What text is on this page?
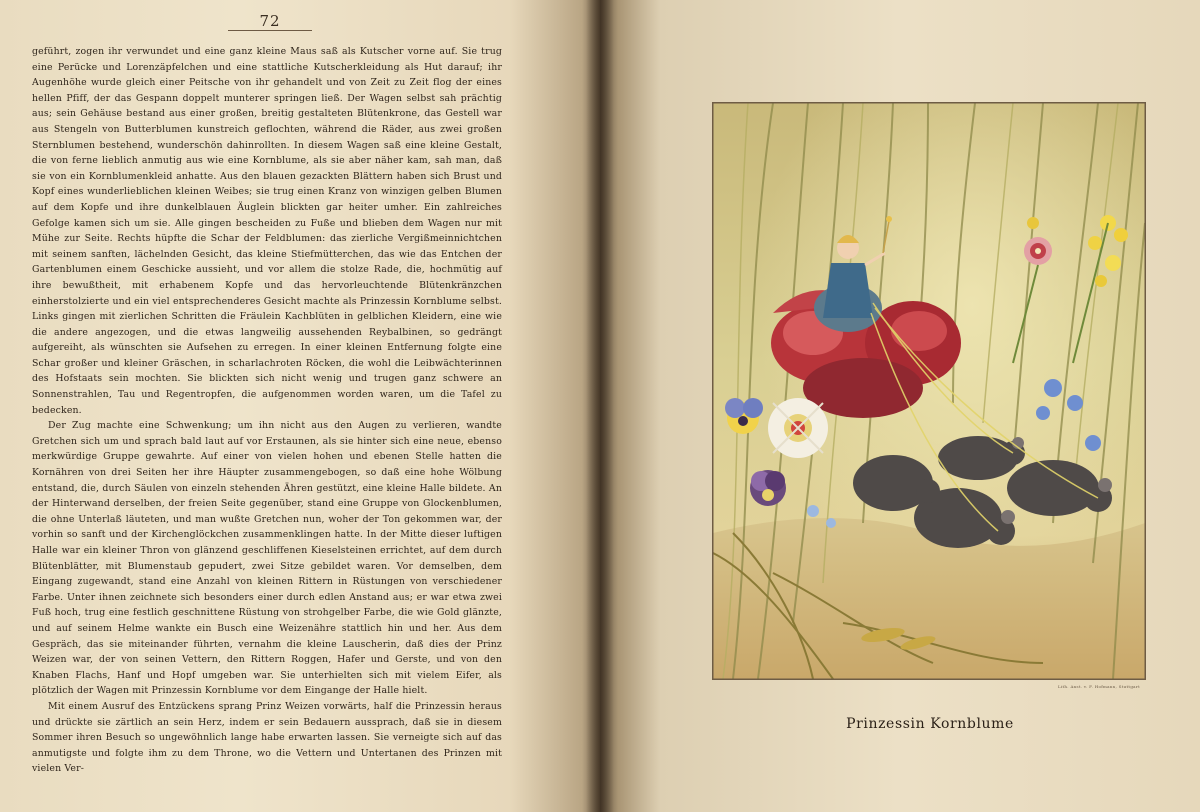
72

geführt, zogen ihr verwundet und eine ganz kleine Maus saß als Kutscher vorne auf. Sie trug eine Perücke und Lorenzäpfelchen und eine stattliche Kutscherkleidung als Hut darauf; ihr Augenhöhe wurde gleich einer Peitsche von ihr gehandelt und von Zeit zu Zeit flog der eines hellen Pfiff, der das Gespann doppelt munterer springen ließ. Der Wagen selbst sah prächtig aus; sein Gehäuse bestand aus einer großen, breitig gestalteten Blütenkrone, das Gestell war aus Stengeln von Butterblumen kunstreich geflochten, während die Räder, aus zwei großen Sternblumen bestehend, wunderschön dahinrollten. In diesem Wagen saß eine kleine Gestalt, die von ferne lieblich anmutig aus wie eine Kornblume, als sie aber näher kam, sah man, daß sie von ein Kornblumenkleid anhatte. Aus den blauen gezackten Blättern haben sich Brust und Kopf eines wunderlieblichen kleinen Weibes; sie trug einen Kranz von winzigen gelben Blumen auf dem Kopfe und ihre dunkelblauen Äuglein blickten gar heiter umher. Ein zahlreiches Gefolge kamen sich um sie. Alle gingen bescheiden zu Fuße und blieben dem Wagen nur mit Mühe zur Seite. Rechts hüpfte die Schar der Feldblumen: das zierliche Vergißmeinnichtchen mit seinem sanften, lächelnden Gesicht, das kleine Stiefmütterchen, das wie das Entchen der Gartenblumen einem Geschicke aussieht, und vor allem die stolze Rade, die, hochmütig auf ihre bewußtheit, mit erhabenem Kopfe und das hervorleuchtende Blütenkränzchen einherstolzierte und ein viel entsprechenderes Gesicht machte als Prinzessin Kornblume selbst. Links gingen mit zierlichen Schritten die Fräulein Kachblüten in gelblichen Kleidern, eine wie die andere angezogen, und die etwas langweilig aussehenden Reybalbinen, so gedrängt aufgereiht, als wünschten sie Aufsehen zu erregen. In einer kleinen Entfernung folgte eine Schar großer und kleiner Gräschen, in scharlachroten Röcken, die wohl die Leibwächterinnen des Hofstaats sein mochten. Sie blickten sich nicht wenig und trugen ganz schwere an Sonnenstrahlen, Tau und Regentropfen, die aufgenommen worden waren, um die Tafel zu bedecken.

Der Zug machte eine Schwenkung; um ihn nicht aus den Augen zu verlieren, wandte Gretchen sich um und sprach bald laut auf vor Erstaunen, als sie hinter sich eine neue, ebenso merkwürdige Gruppe gewahrte. Auf einer von vielen hohen und ebenen Stelle hatten die Kornähren von drei Seiten her ihre Häupter zusammengebogen, so daß eine hohe Wölbung entstand, die, durch Säulen von einzeln stehenden Ähren gestützt, eine kleine Halle bildete. An der Hinterwand derselben, der freien Seite gegenüber, stand eine Gruppe von Glockenblumen, die ohne Unterlaß läuteten, und man wußte Gretchen nun, woher der Ton gekommen war, der vorhin so sanft und der Kirchenglöckchen zusammenklingen hatte. In der Mitte dieser luftigen Halle war ein kleiner Thron von glänzend geschliffenen Kieselsteinen errichtet, auf dem durch Blütenblätter, mit Blumenstaub gepudert, zwei Sitze gebildet waren. Vor demselben, dem Eingang zugewandt, stand eine Anzahl von kleinen Rittern in Rüstungen von verschiedener Farbe. Unter ihnen zeichnete sich besonders einer durch edlen Anstand aus; er war etwa zwei Fuß hoch, trug eine festlich geschnittene Rüstung von strohgelber Farbe, die wie Gold glänzte, und auf seinem Helme wankte ein Busch eine Weizenähre stattlich hin und her. Aus dem Gespräch, das sie miteinander führten, vernahm die kleine Lauscherin, daß dies der Prinz Weizen war, der von seinen Vettern, den Rittern Roggen, Hafer und Gerste, und von den Knaben Flachs, Hanf und Hopf umgeben war. Sie unterhielten sich mit vielem Eifer, als plötzlich der Wagen mit Prinzessin Kornblume vor dem Eingange der Halle hielt.

Mit einem Ausruf des Entzückens sprang Prinz Weizen vorwärts, half die Prinzessin heraus und drückte sie zärtlich an sein Herz, indem er sein Bedauern aussprach, daß sie in diesem Sommer ihren Besuch so ungewöhnlich lange habe erwarten lassen. Sie verneigte sich auf das anmutigste und folgte ihm zu dem Throne, wo die Vettern und Untertanen des Prinzen mit vielen Ver-

Lith. Anst. v. F. Hofmann, Stuttgart
Prinzessin Kornblume
